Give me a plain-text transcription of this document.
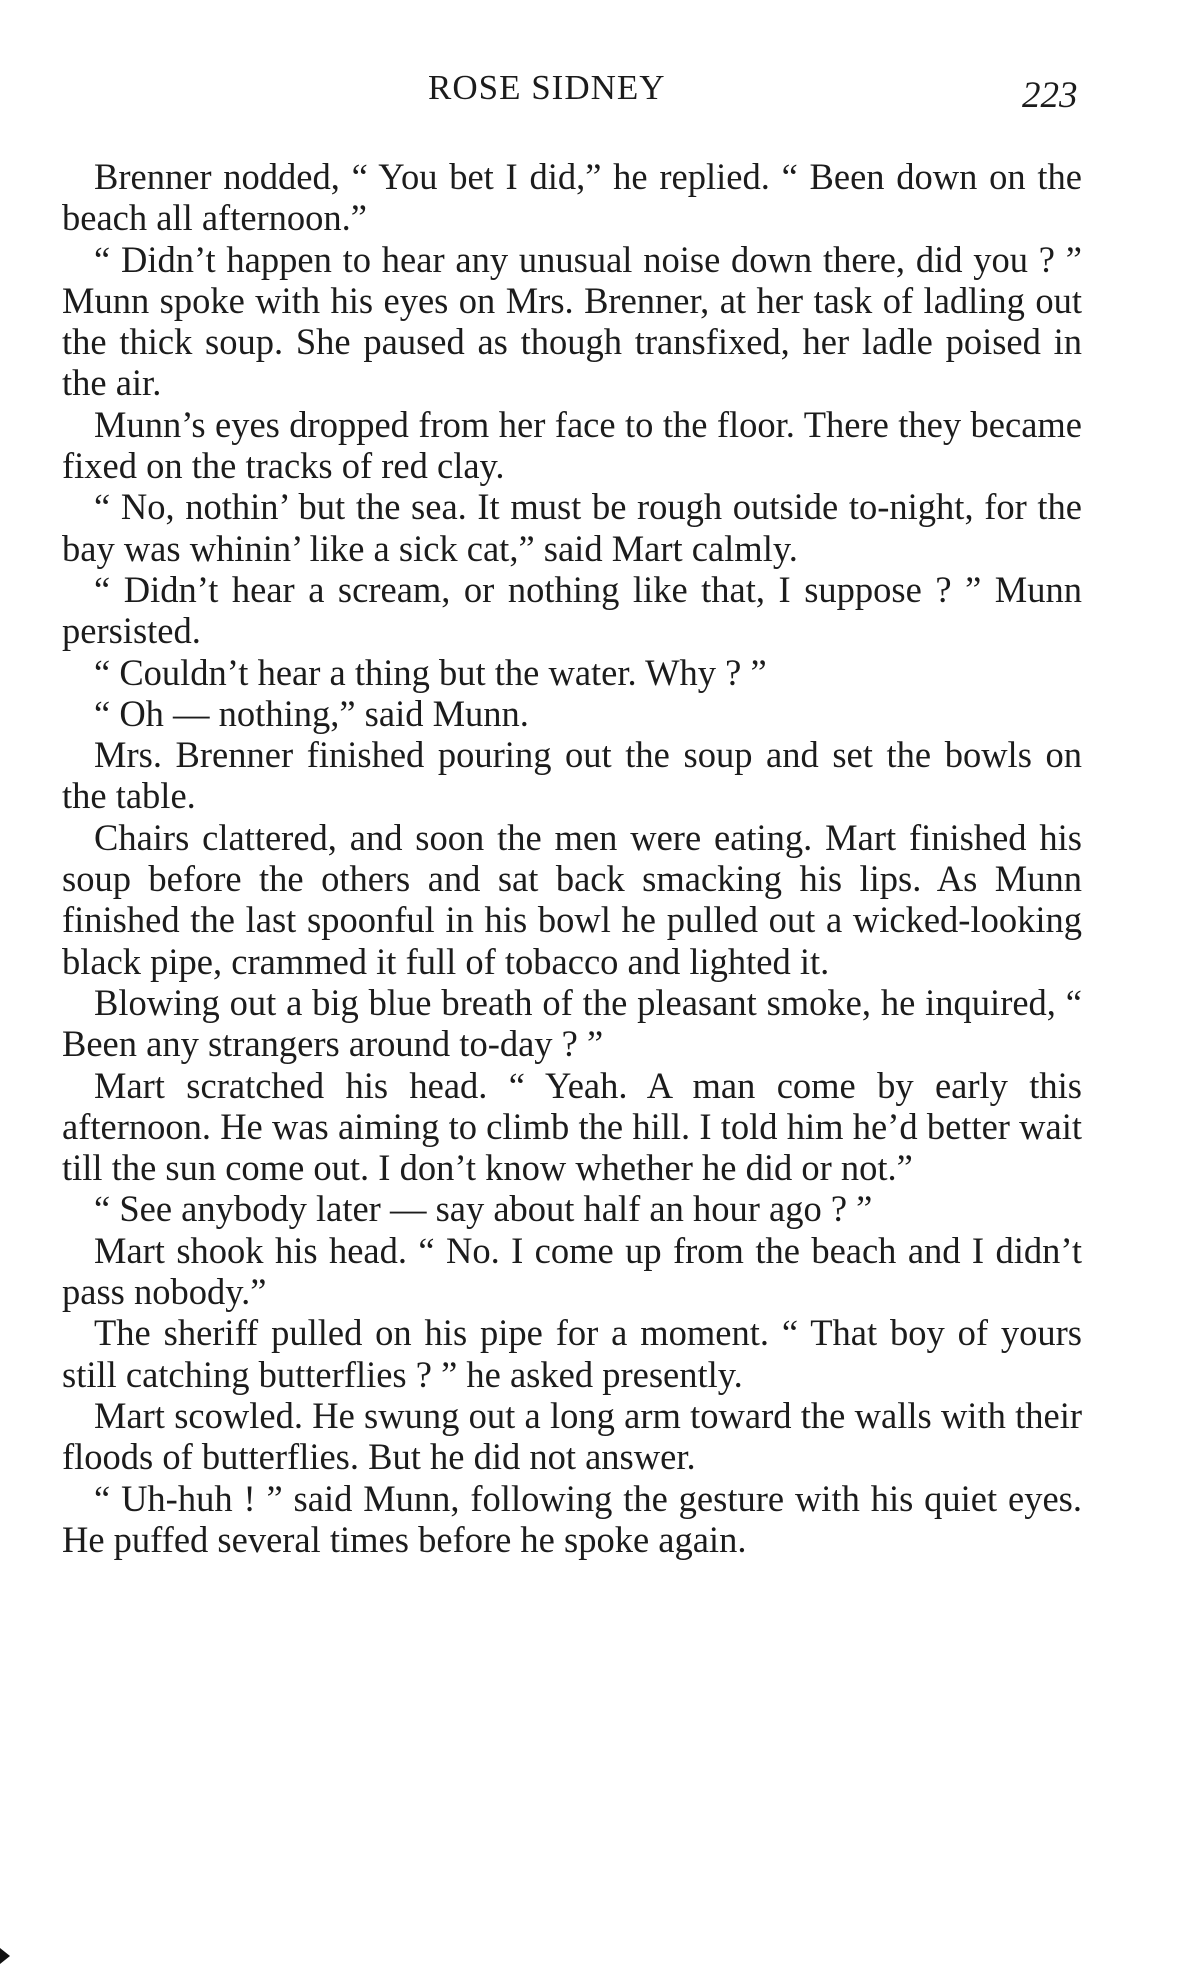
ROSE SIDNEY	223

Brenner nodded, “ You bet I did,” he replied. “ Been down on the beach all afternoon.”

“ Didn’t happen to hear any unusual noise down there, did you ? ” Munn spoke with his eyes on Mrs. Brenner, at her task of ladling out the thick soup. She paused as though transfixed, her ladle poised in the air.

Munn’s eyes dropped from her face to the floor. There they became fixed on the tracks of red clay.

“ No, nothin’ but the sea. It must be rough outside to-night, for the bay was whinin’ like a sick cat,” said Mart calmly.

“ Didn’t hear a scream, or nothing like that, I suppose ? ” Munn persisted.

“ Couldn’t hear a thing but the water. Why ? ”

“ Oh — nothing,” said Munn.

Mrs. Brenner finished pouring out the soup and set the bowls on the table.

Chairs clattered, and soon the men were eating. Mart finished his soup before the others and sat back smacking his lips. As Munn finished the last spoonful in his bowl he pulled out a wicked-looking black pipe, crammed it full of tobacco and lighted it.

Blowing out a big blue breath of the pleasant smoke, he inquired, “ Been any strangers around to-day ? ”

Mart scratched his head. “ Yeah. A man come by early this afternoon. He was aiming to climb the hill. I told him he’d better wait till the sun come out. I don’t know whether he did or not.”

“ See anybody later — say about half an hour ago ? ”

Mart shook his head. “ No. I come up from the beach and I didn’t pass nobody.”

The sheriff pulled on his pipe for a moment. “ That boy of yours still catching butterflies ? ” he asked presently.

Mart scowled. He swung out a long arm toward the walls with their floods of butterflies. But he did not answer.

“ Uh-huh ! ” said Munn, following the gesture with his quiet eyes. He puffed several times before he spoke again.
